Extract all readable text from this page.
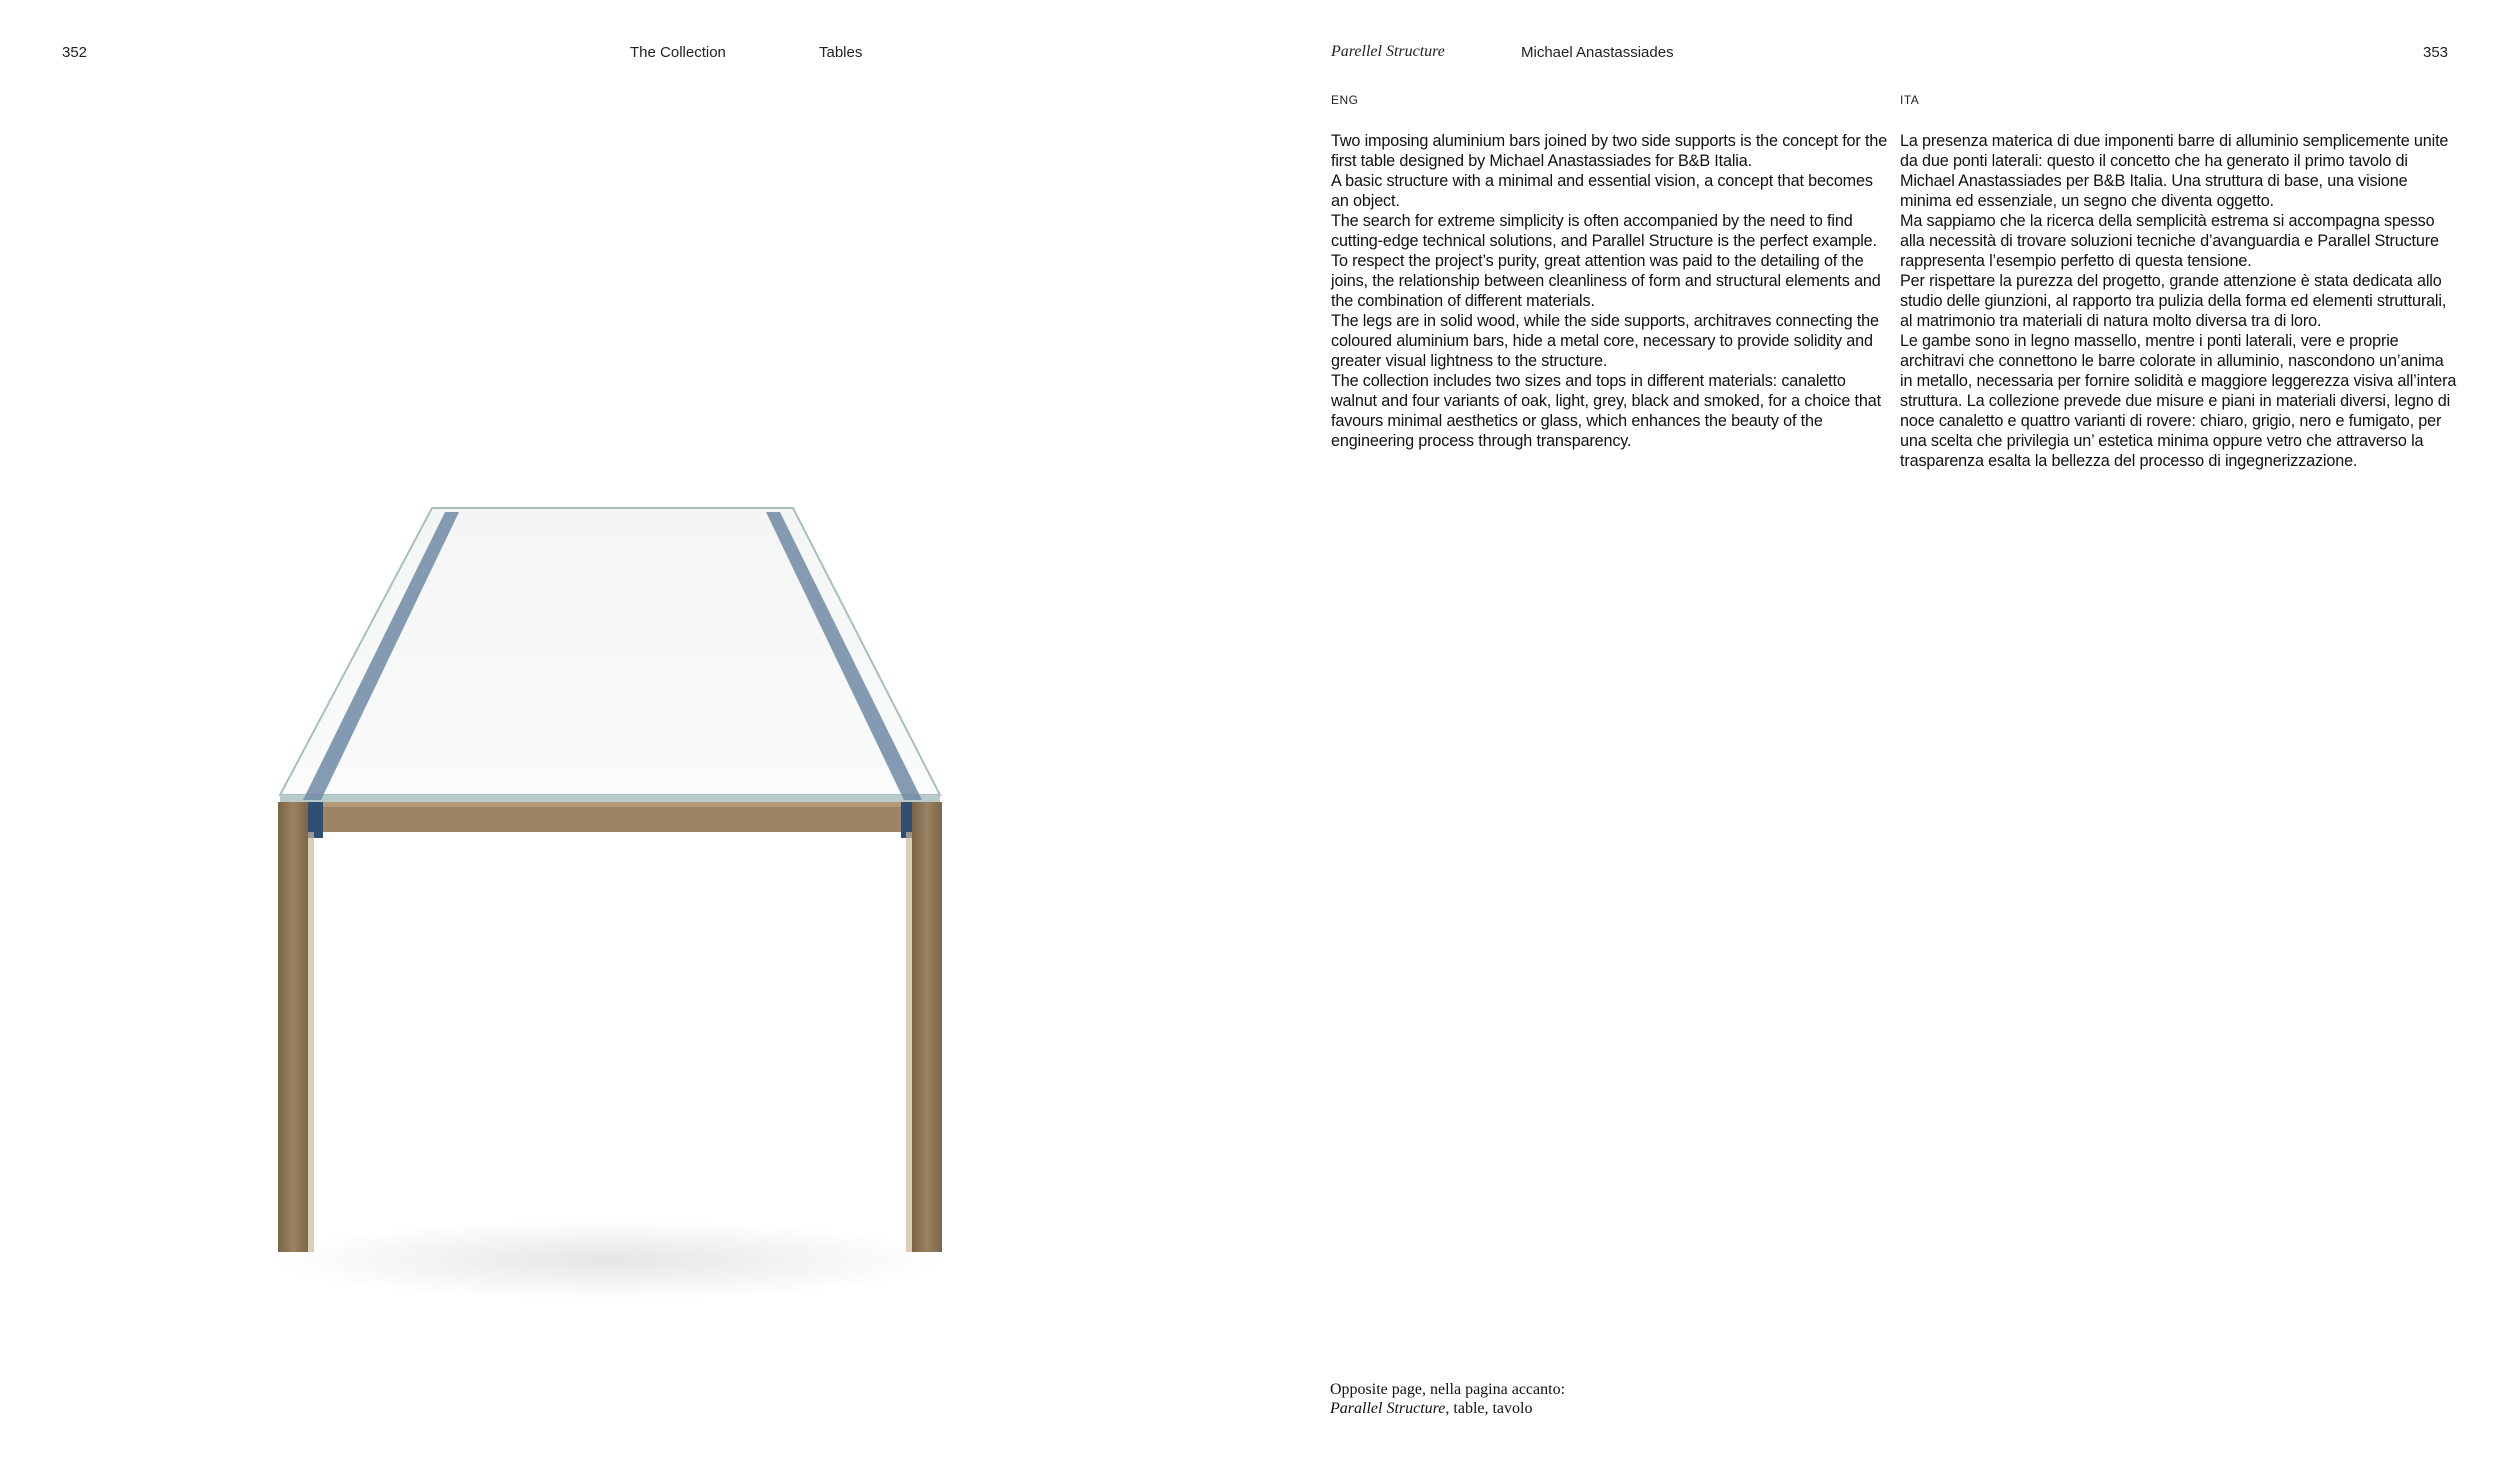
352	The Collection	Tables	Parellel Structure	Michael Anastassiades	353
ENG

Two imposing aluminium bars joined by two side supports is the concept for the first table designed by Michael Anastassiades for B&B Italia.

A basic structure with a minimal and essential vision, a concept that becomes an object.

The search for extreme simplicity is often accompanied by the need to find cutting-edge technical solutions, and Parallel Structure is the perfect example. To respect the project’s purity, great attention was paid to the detailing of the joins, the relationship between cleanliness of form and structural elements and the combination of different materials.

The legs are in solid wood, while the side supports, architraves connecting the coloured aluminium bars, hide a metal core, necessary to provide solidity and greater visual lightness to the structure.

The collection includes two sizes and tops in different materials: canaletto walnut and four variants of oak, light, grey, black and smoked, for a choice that favours minimal aesthetics or glass, which enhances the beauty of the engineering process through transparency.

ITA

La presenza materica di due imponenti barre di alluminio semplicemente unite da due ponti laterali: questo il concetto che ha generato il primo tavolo di Michael Anastassiades per B&B Italia. Una struttura di base, una visione minima ed essenziale, un segno che diventa oggetto.

Ma sappiamo che la ricerca della semplicità estrema si accompagna spesso alla necessità di trovare soluzioni tecniche d’avanguardia e Parallel Structure rappresenta l’esempio perfetto di questa tensione.

Per rispettare la purezza del progetto, grande attenzione è stata dedicata allo studio delle giunzioni, al rapporto tra pulizia della forma ed elementi strutturali, al matrimonio tra materiali di natura molto diversa tra di loro.

Le gambe sono in legno massello, mentre i ponti laterali, vere e proprie architravi che connettono le barre colorate in alluminio, nascondono un’anima in metallo, necessaria per fornire solidità e maggiore leggerezza visiva all’intera struttura. La collezione prevede due misure e piani in materiali diversi, legno di noce canaletto e quattro varianti di rovere: chiaro, grigio, nero e fumigato, per una scelta che privilegia un’ estetica minima oppure vetro che attraverso la trasparenza esalta la bellezza del processo di ingegnerizzazione.

Opposite page, nella pagina accanto:
Parallel Structure, table, tavolo
